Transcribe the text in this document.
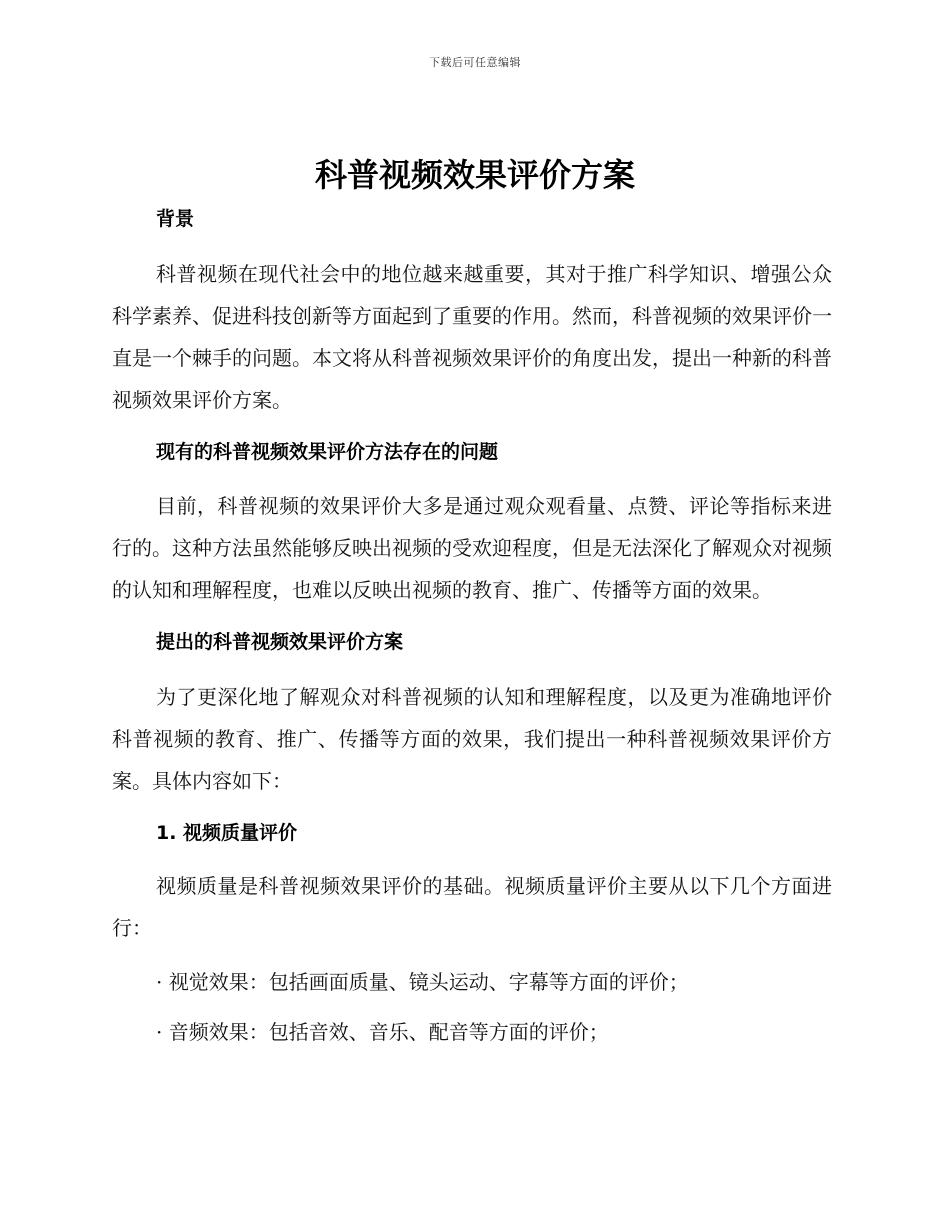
下载后可任意编辑
科普视频效果评价方案

背景

科普视频在现代社会中的地位越来越重要，其对于推广科学知识、增强公众科学素养、促进科技创新等方面起到了重要的作用。然而，科普视频的效果评价一直是一个棘手的问题。本文将从科普视频效果评价的角度出发，提出一种新的科普视频效果评价方案。

现有的科普视频效果评价方法存在的问题

目前，科普视频的效果评价大多是通过观众观看量、点赞、评论等指标来进行的。这种方法虽然能够反映出视频的受欢迎程度，但是无法深化了解观众对视频的认知和理解程度，也难以反映出视频的教育、推广、传播等方面的效果。

提出的科普视频效果评价方案

为了更深化地了解观众对科普视频的认知和理解程度，以及更为准确地评价科普视频的教育、推广、传播等方面的效果，我们提出一种科普视频效果评价方案。具体内容如下：

1. 视频质量评价

视频质量是科普视频效果评价的基础。视频质量评价主要从以下几个方面进行：

· 视觉效果：包括画面质量、镜头运动、字幕等方面的评价；

· 音频效果：包括音效、音乐、配音等方面的评价；
